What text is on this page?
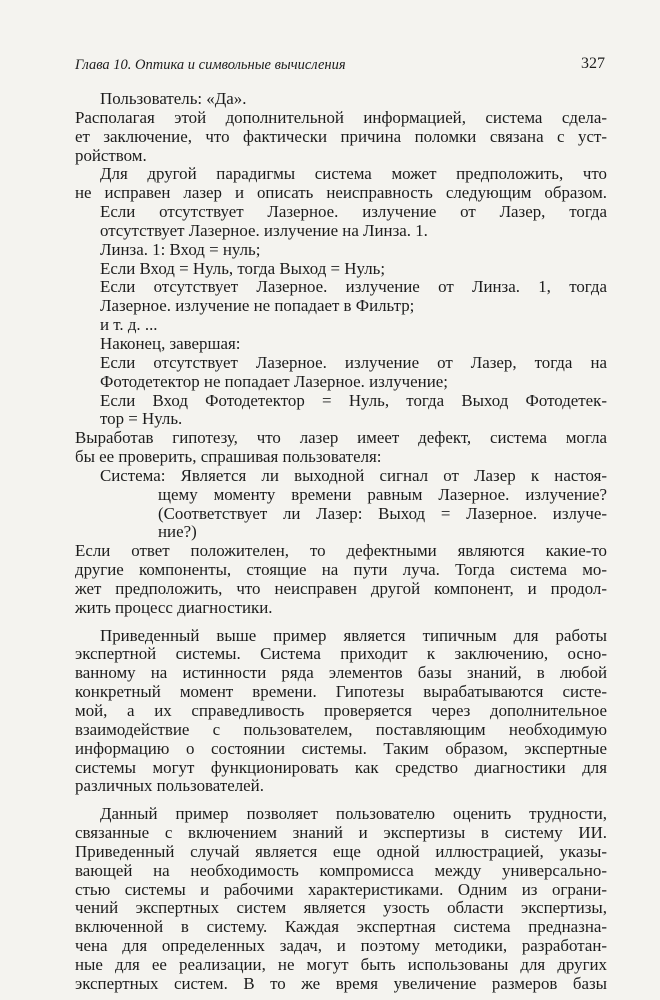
Глава 10. Оптика и символьные вычисления	327
Пользователь: «Да».
Располагая этой дополнительной информацией, система сдела-
ет заключение, что фактически причина поломки связана с уст-
ройством.
Для другой парадигмы система может предположить, что
не исправен лазер и описать неисправность следующим образом.
Если отсутствует Лазерное. излучение от Лазер, тогда
отсутствует Лазерное. излучение на Линза. 1.
Линза. 1: Вход = нуль;
Если Вход = Нуль, тогда Выход = Нуль;
Если отсутствует Лазерное. излучение от Линза. 1, тогда
Лазерное. излучение не попадает в Фильтр;
и т. д. ...
Наконец, завершая:
Если отсутствует Лазерное. излучение от Лазер, тогда на
Фотодетектор не попадает Лазерное. излучение;
Если Вход Фотодетектор = Нуль, тогда Выход Фотодетек-
тор = Нуль.
Выработав гипотезу, что лазер имеет дефект, система могла
бы ее проверить, спрашивая пользователя:
Система: Является ли выходной сигнал от Лазер к настоя-
щему моменту времени равным Лазерное. излучение?
(Соответствует ли Лазер: Выход = Лазерное. излуче-
ние?)
Если ответ положителен, то дефектными являются какие-то
другие компоненты, стоящие на пути луча. Тогда система мо-
жет предположить, что неисправен другой компонент, и продол-
жить процесс диагностики.
Приведенный выше пример является типичным для работы
экспертной системы. Система приходит к заключению, осно-
ванному на истинности ряда элементов базы знаний, в любой
конкретный момент времени. Гипотезы вырабатываются систе-
мой, а их справедливость проверяется через дополнительное
взаимодействие с пользователем, поставляющим необходимую
информацию о состоянии системы. Таким образом, экспертные
системы могут функционировать как средство диагностики для
различных пользователей.
Данный пример позволяет пользователю оценить трудности,
связанные с включением знаний и экспертизы в систему ИИ.
Приведенный случай является еще одной иллюстрацией, указы-
вающей на необходимость компромисса между универсально-
стью системы и рабочими характеристиками. Одним из ограни-
чений экспертных систем является узость области экспертизы,
включенной в систему. Каждая экспертная система предназна-
чена для определенных задач, и поэтому методики, разработан-
ные для ее реализации, не могут быть использованы для других
экспертных систем. В то же время увеличение размеров базы
